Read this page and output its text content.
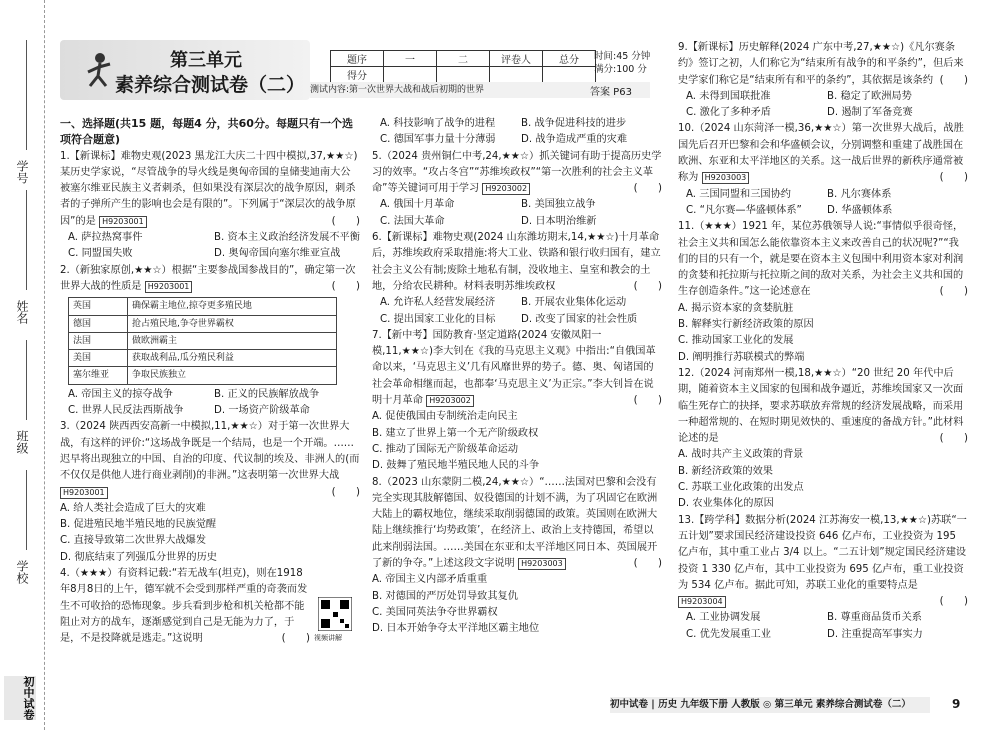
学号
姓名
班级
学校
初中试卷
第三单元
素养综合测试卷（二）
题序	一	二	评卷人	总分
得分				
时间:45 分钟
满分:100 分
测试内容:第一次世界大战和战后初期的世界	答案 P63

一、选择题(共15 题，每题4 分，共60分。每题只有一个选项符合题意)

1.【新课标】难物史观(2023 黑龙江大庆二十四中模拟,37,★★☆)某历史学家说，“尽管战争的导火线是奥匈帝国的皇储斐迪南大公被塞尔维亚民族主义者刺杀，但如果没有深层次的战争原因，刺杀者的子弹所产生的影响也会是有限的”。下列属于“深层次的战争原因”的是 H9203001	(　　)

A. 萨拉热窝事件	B. 资本主义政治经济发展不平衡
C. 同盟国失败	D. 奥匈帝国向塞尔维亚宣战

2.（新独家原创,★★☆）根据“主要参战国参战目的”，确定第一次世界大战的性质是 H9203001	(　　)

英国	确保霸主地位,掠夺更多殖民地
德国	抢占殖民地,争夺世界霸权
法国	做欧洲霸主
美国	获取战利品,瓜分殖民利益
塞尔维亚	争取民族独立
A. 帝国主义的掠夺战争	B. 正义的民族解放战争
C. 世界人民反法西斯战争	D. 一场资产阶级革命

3.（2024 陕西西安高新一中模拟,11,★★☆）对于第一次世界大战，有这样的评价:“这场战争既是一个结局，也是一个开端。……迟早将出现独立的中国、自治的印度、代议制的埃及、非洲人的(而不仅仅是供他人进行商业剥削)的非洲。”这表明第一次世界大战 H9203001	(　　)

A. 给人类社会造成了巨大的灾难

B. 促进殖民地半殖民地的民族觉醒

C. 直接导致第二次世界大战爆发

D. 彻底结束了列强瓜分世界的历史

4.（★★★）有资料记载:“若无战车(坦克)，则在1918年8月8日的上午，德军就不会受到那样严重的奇袭而发生不可收拾的恐怖现象。步兵看到步枪和机关枪都不能阻止对方的战车，逐渐感觉到自己是无能为力了，于是，不是投降就是逃走。”这说明	(　　) 视频讲解
A. 科技影响了战争的进程	B. 战争促进科技的进步
C. 德国军事力量十分薄弱	D. 战争造成严重的灾难

5.（2024 贵州铜仁中考,24,★★☆）抓关键词有助于提高历史学习的效率。“攻占冬宫”“苏维埃政权”“第一次胜利的社会主义革命”等关键词可用于学习 H9203002	(　　)

A. 俄国十月革命	B. 美国独立战争
C. 法国大革命	D. 日本明治维新

6.【新课标】难物史观(2024 山东潍坊期末,14,★★☆)十月革命后，苏维埃政府采取措施:将大工业、铁路和银行收归国有，建立社会主义公有制;废除土地私有制，没收地主、皇室和教会的土地，分给农民耕种。材料表明苏维埃政权	(　　)

A. 允许私人经营发展经济	B. 开展农业集体化运动
C. 提出国家工业化的目标	D. 改变了国家的社会性质

7.【新中考】国防教育·坚定道路(2024 安徽凤阳一模,11,★★☆)李大钊在《我的马克思主义观》中指出:“自俄国革命以来，‘马克思主义’几有风靡世界的势子。德、奥、匈诸国的社会革命相继而起，也都奉‘马克思主义’为正宗。”李大钊旨在说明十月革命 H9203002	(　　)

A. 促使俄国由专制统治走向民主

B. 建立了世界上第一个无产阶级政权

C. 推动了国际无产阶级革命运动

D. 鼓舞了殖民地半殖民地人民的斗争

8.（2023 山东蒙阴二模,24,★★☆）“……法国对巴黎和会没有完全实现其肢解德国、奴役德国的计划不满，为了巩固它在欧洲大陆上的霸权地位，继续采取削弱德国的政策。英国则在欧洲大陆上继续推行‘均势政策’，在经济上、政治上支持德国，希望以此来削弱法国。……美国在东亚和太平洋地区同日本、英国展开了新的争夺。”上述这段文字说明 H9203003	(　　)

A. 帝国主义内部矛盾重重

B. 对德国的严厉处罚导致其复仇

C. 美国同英法争夺世界霸权

D. 日本开始争夺太平洋地区霸主地位

9.【新课标】历史解释(2024 广东中考,27,★★☆)《凡尔赛条约》签订之初，人们称它为“结束所有战争的和平条约”，但后来史学家们称它是“结束所有和平的条约”，其依据是该条约 (　　)

A. 未得到国联批准	B. 稳定了欧洲局势
C. 激化了多种矛盾	D. 遏制了军备竞赛

10.（2024 山东菏泽一模,36,★★☆）第一次世界大战后，战胜国先后召开巴黎和会和华盛顿会议，分别调整和重建了战胜国在欧洲、东亚和太平洋地区的关系。这一战后世界的新秩序通常被称为 H9203003	(　　)

A. 三国同盟和三国协约	B. 凡尔赛体系
C. “凡尔赛—华盛顿体系”	D. 华盛顿体系

11.（★★★）1921 年，某位苏俄领导人说:“事情似乎很奇怪，社会主义共和国怎么能依靠资本主义来改善自己的状况呢?”“我们的目的只有一个，就是要在资本主义包围中利用资本家对利润的贪婪和托拉斯与托拉斯之间的敌对关系，为社会主义共和国的生存创造条件。”这一论述意在	(　　)

A. 揭示资本家的贪婪肮脏

B. 解释实行新经济政策的原因

C. 推动国家工业化的发展

D. 阐明推行苏联模式的弊端

12.（2024 河南郑州一模,18,★★☆）“20 世纪 20 年代中后期，随着资本主义国家的包围和战争逼近，苏维埃国家又一次面临生死存亡的抉择，要求苏联放弃常规的经济发展战略，而采用一种超常规的、在短时期见效快的、重速度的备战方针。”此材料论述的是	(　　)

A. 战时共产主义政策的背景

B. 新经济政策的效果

C. 苏联工业化政策的出发点

D. 农业集体化的原因

13.【跨学科】数据分析(2024 江苏海安一模,13,★★☆)苏联“一五计划”要求国民经济建设投资 646 亿卢布，工业投资为 195 亿卢布，其中重工业占 3/4 以上。“二五计划”规定国民经济建设投资 1 330 亿卢布，其中工业投资为 695 亿卢布，重工业投资为 534 亿卢布。据此可知，苏联工业化的重要特点是 H9203004	(　　)

A. 工业协调发展	B. 尊重商品货币关系
C. 优先发展重工业	D. 注重提高军事实力
初中试卷 | 历史 九年级下册 人教版 ◎ 第三单元 素养综合测试卷（二）	9
